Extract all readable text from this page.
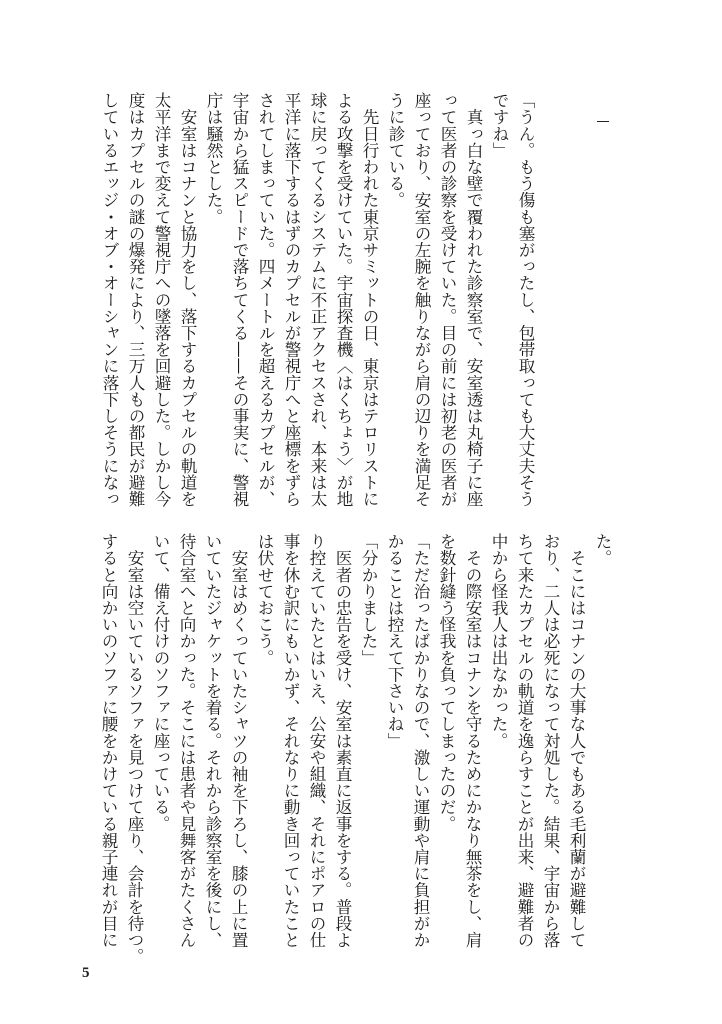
「うん。もう傷も塞がったし、包帯取っても大丈夫そう
ですね」
　真っ白な壁で覆われた診察室で、安室透は丸椅子に座
って医者の診察を受けていた。目の前には初老の医者が
座っており、安室の左腕を触りながら肩の辺りを満足そ
うに診ている。
　先日行われた東京サミットの日、東京はテロリストに
よる攻撃を受けていた。宇宙探査機〈はくちょう〉が地
球に戻ってくるシステムに不正アクセスされ、本来は太
平洋に落下するはずのカプセルが警視庁へと座標をずら
されてしまっていた。四メートルを超えるカプセルが、
宇宙から猛スピードで落ちてくる——その事実に、警視
庁は騒然とした。
　安室はコナンと協力をし、落下するカプセルの軌道を
太平洋まで変えて警視庁への墜落を回避した。しかし今
度はカプセルの謎の爆発により、三万人もの都民が避難
しているエッジ・オブ・オーシャンに落下しそうになっ
た。
　そこにはコナンの大事な人でもある毛利蘭が避難して
おり、二人は必死になって対処した。結果、宇宙から落
ちて来たカプセルの軌道を逸らすことが出来、避難者の
中から怪我人は出なかった。
　その際安室はコナンを守るためにかなり無茶をし、肩
を数針縫う怪我を負ってしまったのだ。
「ただ治ったばかりなので、激しい運動や肩に負担がか
かることは控えて下さいね」
「分かりました」
　医者の忠告を受け、安室は素直に返事をする。普段よ
り控えていたとはいえ、公安や組織、それにポアロの仕
事を休む訳にもいかず、それなりに動き回っていたこと
は伏せておこう。
　安室はめくっていたシャツの袖を下ろし、膝の上に置
いていたジャケットを着る。それから診察室を後にし、
待合室へと向かった。そこには患者や見舞客がたくさん
いて、備え付けのソファに座っている。
　安室は空いているソファを見つけて座り、会計を待つ。
すると向かいのソファに腰をかけている親子連れが目に
5
